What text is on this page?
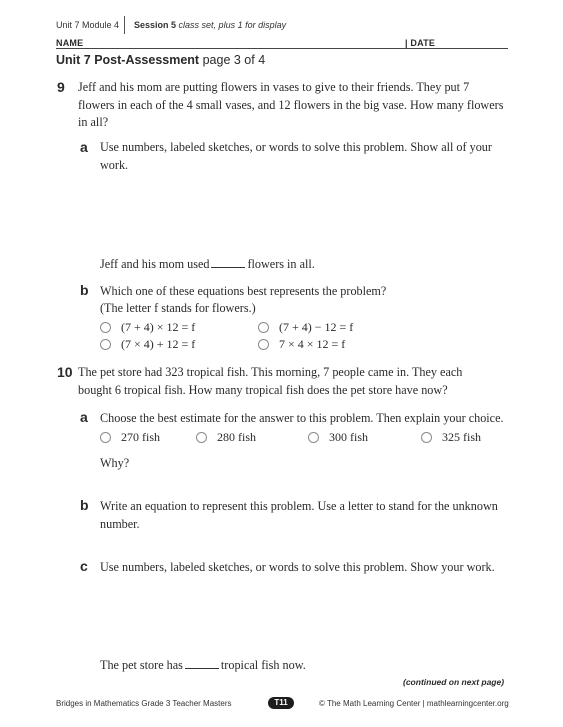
Unit 7 Module 4 Session 5 class set, plus 1 for display
NAME	| DATE
Unit 7 Post-Assessment page 3 of 4
9 Jeff and his mom are putting flowers in vases to give to their friends. They put 7 flowers in each of the 4 small vases, and 12 flowers in the big vase. How many flowers in all?
a Use numbers, labeled sketches, or words to solve this problem. Show all of your work.
Jeff and his mom used	flowers in all.
b Which one of these equations best represents the problem?
(The letter f stands for flowers.)
(7 + 4) × 12 = f
(7 × 4) + 12 = f
(7 + 4) − 12 = f
7 × 4 × 12 = f
10 The pet store had 323 tropical fish. This morning, 7 people came in. They each bought 6 tropical fish. How many tropical fish does the pet store have now?
a Choose the best estimate for the answer to this problem. Then explain your choice.
270 fish	280 fish	300 fish	325 fish
Why?
b Write an equation to represent this problem. Use a letter to stand for the unknown number.
c Use numbers, labeled sketches, or words to solve this problem. Show your work.
The pet store has	tropical fish now.
(continued on next page)
Bridges in Mathematics Grade 3 Teacher Masters	T11	© The Math Learning Center | mathlearningcenter.org
